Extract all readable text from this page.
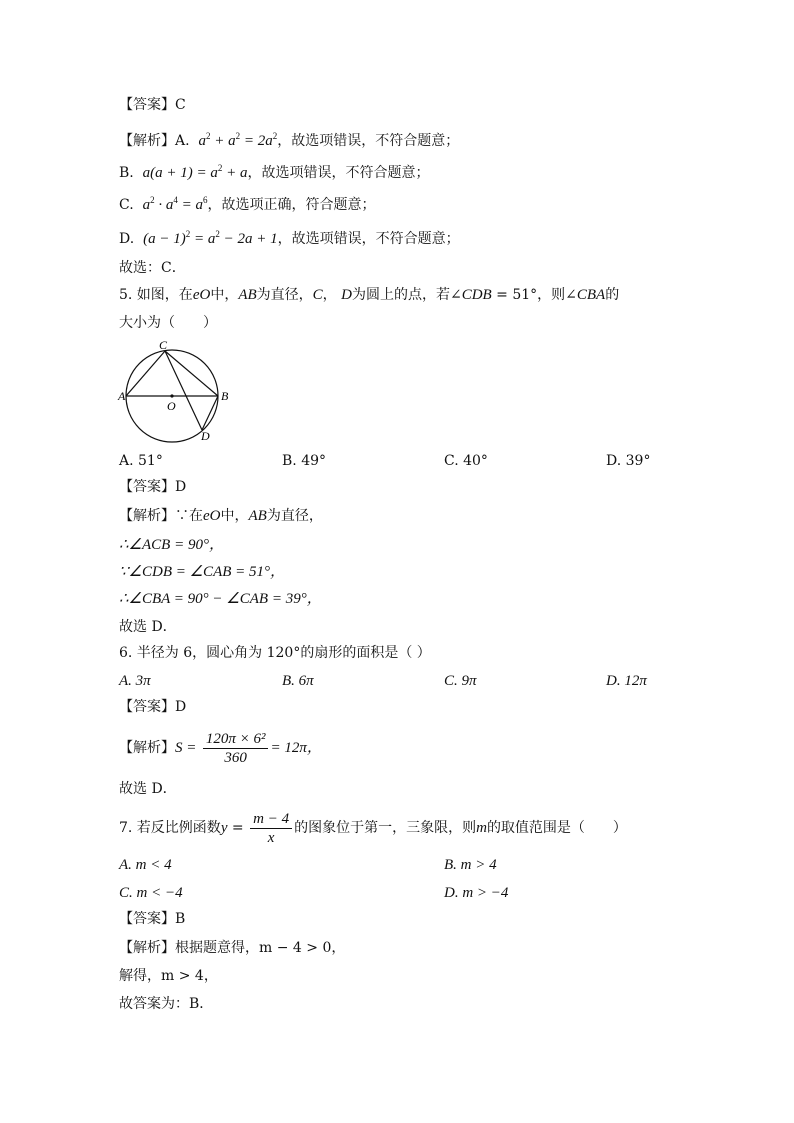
【答案】C
【解析】A. $a^2 + a^2 = 2a^2$，故选项错误，不符合题意；
B. $a(a + 1) = a^2 + a$，故选项错误，不符合题意；
C. $a^2 \cdot a^4 = a^6$，故选项正确，符合题意；
D. $(a - 1)^2 = a^2 - 2a + 1$，故选项错误，不符合题意；
故选：C．
5. 如图，在eO中，AB为直径，C， D为圆上的点，若∠CDB = 51°，则∠CBA的
大小为（　　）
A	B
C
D
O
A. 51°	B. 49°	C. 40°	D. 39°
【答案】D
【解析】∵在eO中，AB为直径，
∴∠ACB = 90°，
∵∠CDB = ∠CAB = 51°，
∴∠CBA = 90° − ∠CAB = 39°，
故选 D．
6. 半径为 6，圆心角为 120°的扇形的面积是（ ）
A. 3π	B. 6π	C. 9π	D. 12π
【答案】D
【解析】$S = \frac{\text{120π × 6²}}{360} = 12\pi$，
故选 D．
7. 若反比例函数$y = \frac{m - 4}{x}$ 的图象位于第一，三象限，则m的取值范围是（　　）
A. m < 4	B. m > 4
C. m < −4	D. m > −4
【答案】B
【解析】根据题意得，m − 4 > 0，
解得，m > 4，
故答案为：B．
